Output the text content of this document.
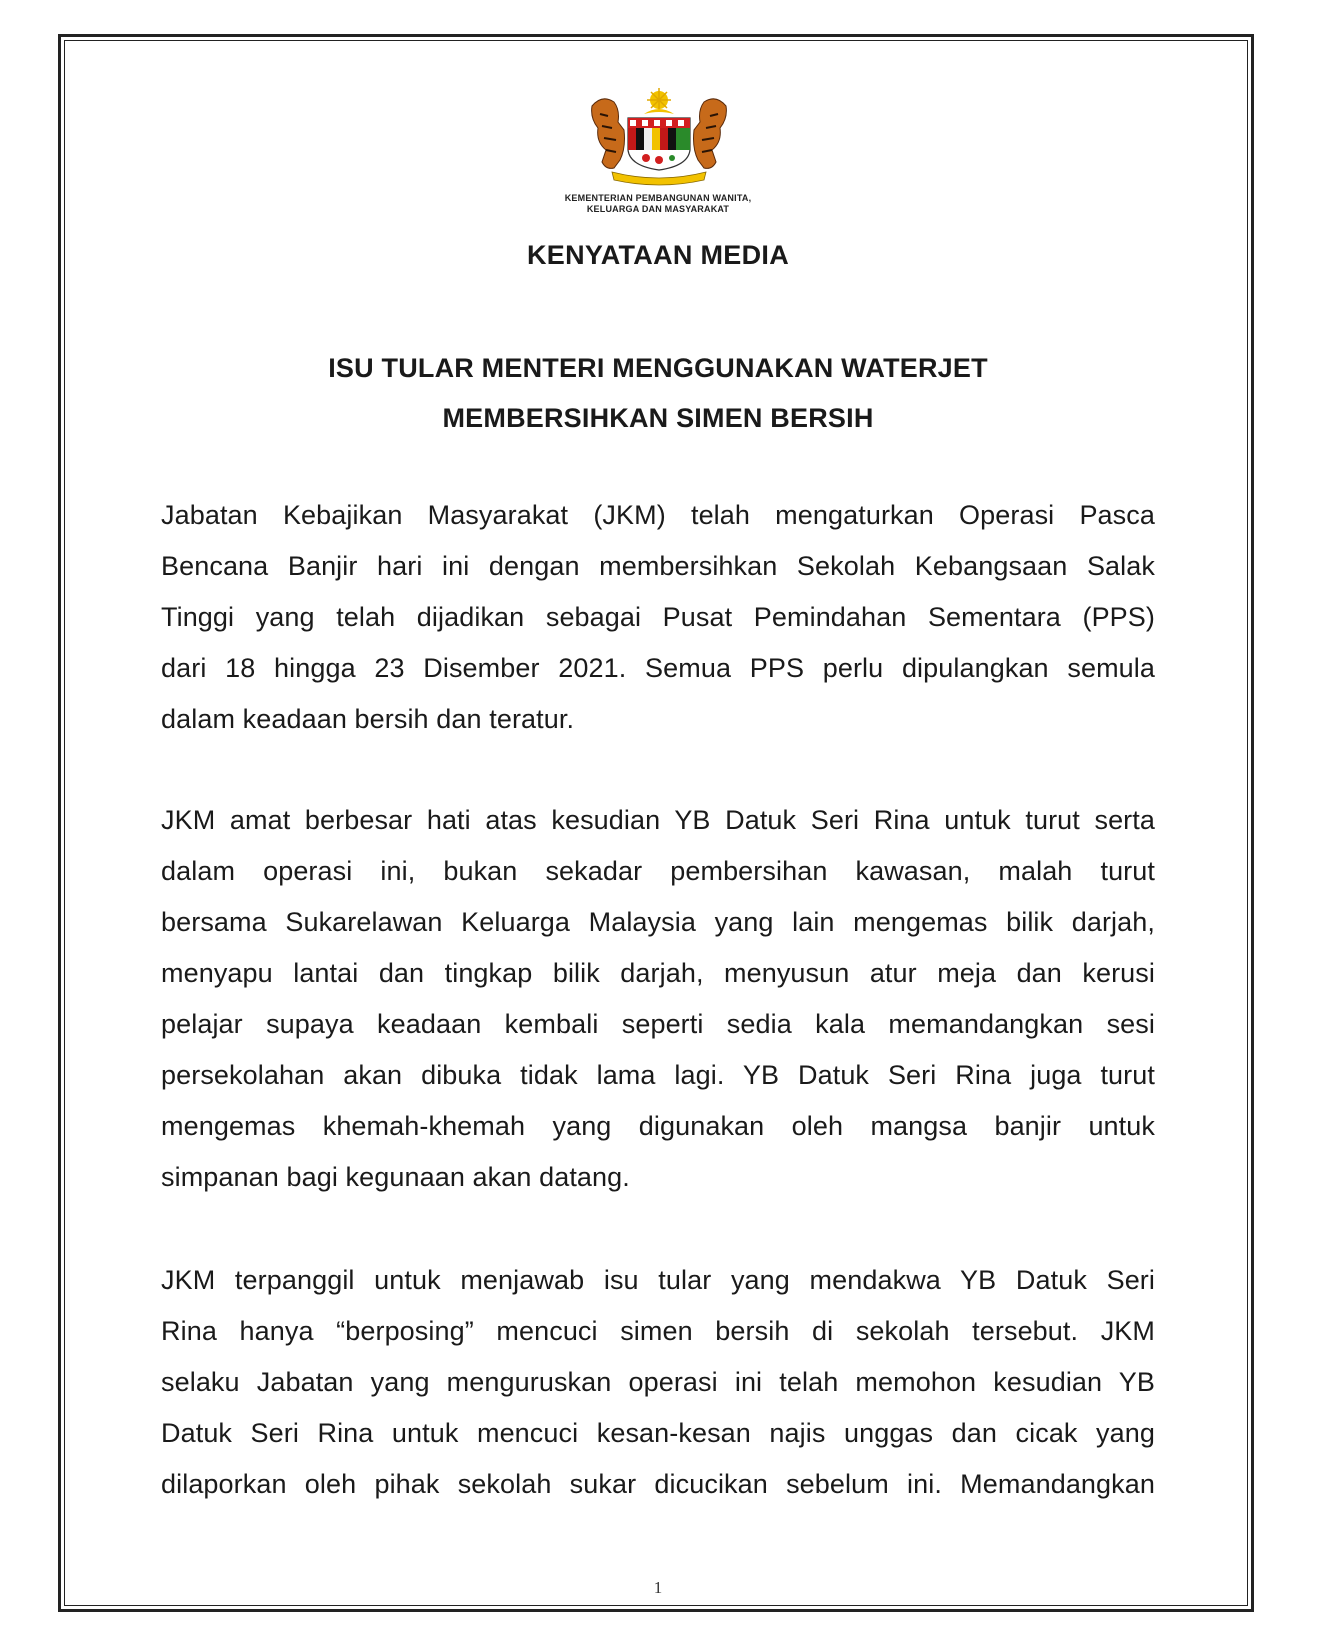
KEMENTERIAN PEMBANGUNAN WANITA,
KELUARGA DAN MASYARAKAT
KENYATAAN MEDIA
ISU TULAR MENTERI MENGGUNAKAN WATERJET
MEMBERSIHKAN SIMEN BERSIH
Jabatan Kebajikan Masyarakat (JKM) telah mengaturkan Operasi Pasca
Bencana Banjir hari ini dengan membersihkan Sekolah Kebangsaan Salak
Tinggi yang telah dijadikan sebagai Pusat Pemindahan Sementara (PPS)
dari 18 hingga 23 Disember 2021. Semua PPS perlu dipulangkan semula
dalam keadaan bersih dan teratur.
JKM amat berbesar hati atas kesudian YB Datuk Seri Rina untuk turut serta
dalam operasi ini, bukan sekadar pembersihan kawasan, malah turut
bersama Sukarelawan Keluarga Malaysia yang lain mengemas bilik darjah,
menyapu lantai dan tingkap bilik darjah, menyusun atur meja dan kerusi
pelajar supaya keadaan kembali seperti sedia kala memandangkan sesi
persekolahan akan dibuka tidak lama lagi. YB Datuk Seri Rina juga turut
mengemas khemah-khemah yang digunakan oleh mangsa banjir untuk
simpanan bagi kegunaan akan datang.
JKM terpanggil untuk menjawab isu tular yang mendakwa YB Datuk Seri
Rina hanya “berposing” mencuci simen bersih di sekolah tersebut. JKM
selaku Jabatan yang menguruskan operasi ini telah memohon kesudian YB
Datuk Seri Rina untuk mencuci kesan-kesan najis unggas dan cicak yang
dilaporkan oleh pihak sekolah sukar dicucikan sebelum ini. Memandangkan
1
